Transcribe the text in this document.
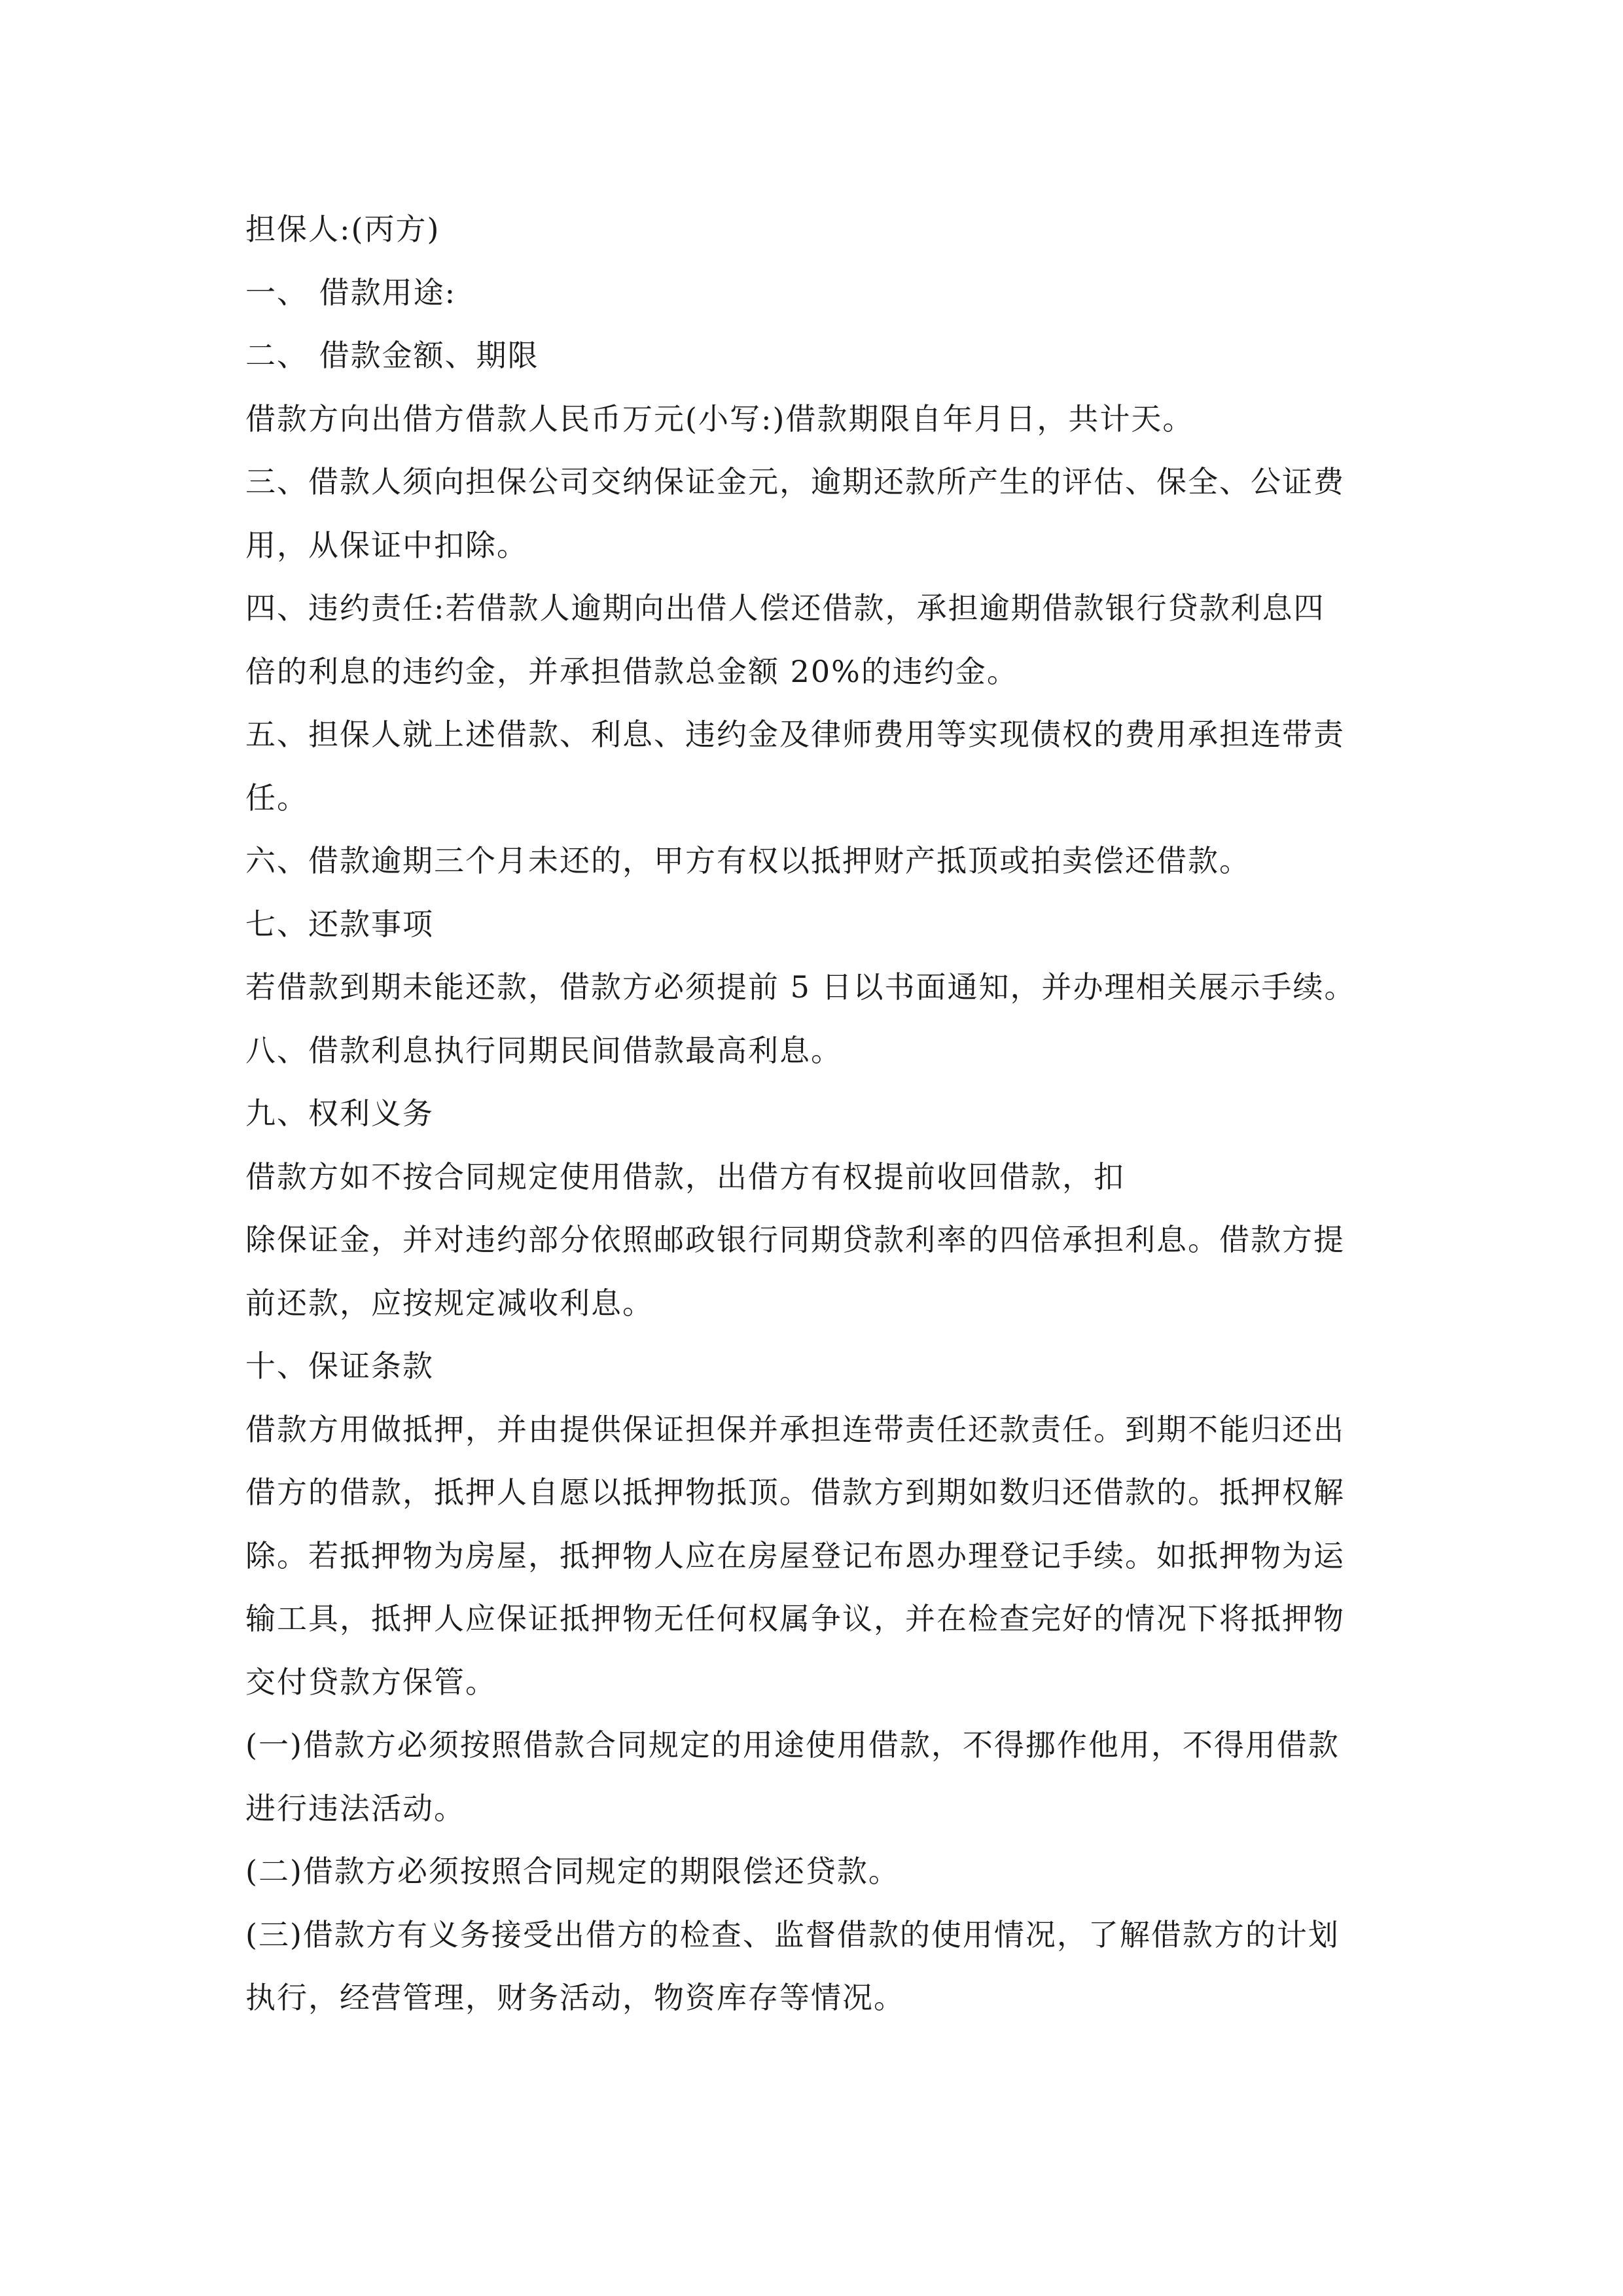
担保人:(丙方)
一、 借款用途:
二、 借款金额、期限
借款方向出借方借款人民币万元(小写:)借款期限自年月日，共计天。
三、借款人须向担保公司交纳保证金元，逾期还款所产生的评估、保全、公证费
用，从保证中扣除。
四、违约责任:若借款人逾期向出借人偿还借款，承担逾期借款银行贷款利息四
倍的利息的违约金，并承担借款总金额 20%的违约金。
五、担保人就上述借款、利息、违约金及律师费用等实现债权的费用承担连带责
任。
六、借款逾期三个月未还的，甲方有权以抵押财产抵顶或拍卖偿还借款。
七、还款事项
若借款到期未能还款，借款方必须提前 5 日以书面通知，并办理相关展示手续。
八、借款利息执行同期民间借款最高利息。
九、权利义务
借款方如不按合同规定使用借款，出借方有权提前收回借款，扣
除保证金，并对违约部分依照邮政银行同期贷款利率的四倍承担利息。借款方提
前还款，应按规定减收利息。
十、保证条款
借款方用做抵押，并由提供保证担保并承担连带责任还款责任。到期不能归还出
借方的借款，抵押人自愿以抵押物抵顶。借款方到期如数归还借款的。抵押权解
除。若抵押物为房屋，抵押物人应在房屋登记布恩办理登记手续。如抵押物为运
输工具，抵押人应保证抵押物无任何权属争议，并在检查完好的情况下将抵押物
交付贷款方保管。
(一)借款方必须按照借款合同规定的用途使用借款，不得挪作他用，不得用借款
进行违法活动。
(二)借款方必须按照合同规定的期限偿还贷款。
(三)借款方有义务接受出借方的检查、监督借款的使用情况，了解借款方的计划
执行，经营管理，财务活动，物资库存等情况。
